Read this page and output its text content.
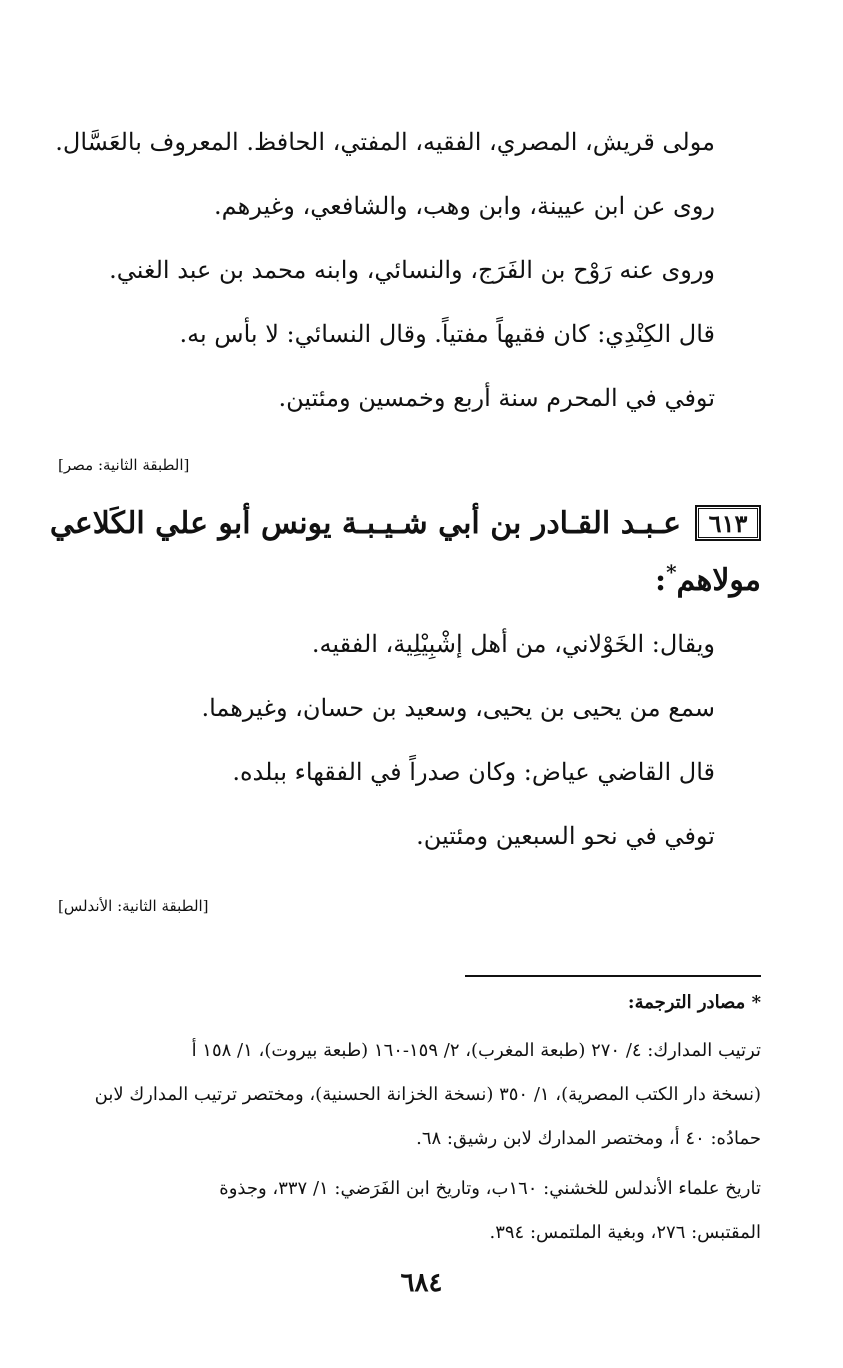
مولى قريش، المصري، الفقيه، المفتي، الحافظ. المعروف بالعَسَّال.
روى عن ابن عيينة، وابن وهب، والشافعي، وغيرهم.
وروى عنه رَوْح بن الفَرَج، والنسائي، وابنه محمد بن عبد الغني.
قال الكِنْدِي: كان فقيهاً مفتياً. وقال النسائي: لا بأس به.
توفي في المحرم سنة أربع وخمسين ومئتين.
[الطبقة الثانية: مصر]
٦١٣
عـبـد القـادر بن أبي شـيـبـة يونس أبو علي الكَلاعي
مولاهم*:
ويقال: الخَوْلاني، من أهل إشْبِيْلِية، الفقيه.
سمع من يحيى بن يحيى، وسعيد بن حسان، وغيرهما.
قال القاضي عياض: وكان صدراً في الفقهاء ببلده.
توفي في نحو السبعين ومئتين.
[الطبقة الثانية: الأندلس]
* مصادر الترجمة:
ترتيب المدارك: ٤/ ٢٧٠ (طبعة المغرب)، ٢/ ١٥٩-١٦٠ (طبعة بيروت)، ١/ ١٥٨ أ
(نسخة دار الكتب المصرية)، ١/ ٣٥٠ (نسخة الخزانة الحسنية)، ومختصر ترتيب المدارك لابن
حمادُه: ٤٠ أ، ومختصر المدارك لابن رشيق: ٦٨.
تاريخ علماء الأندلس للخشني: ١٦٠ب، وتاريخ ابن الفَرَضي: ١/ ٣٣٧، وجذوة
المقتبس: ٢٧٦، وبغية الملتمس: ٣٩٤.
٦٨٤
